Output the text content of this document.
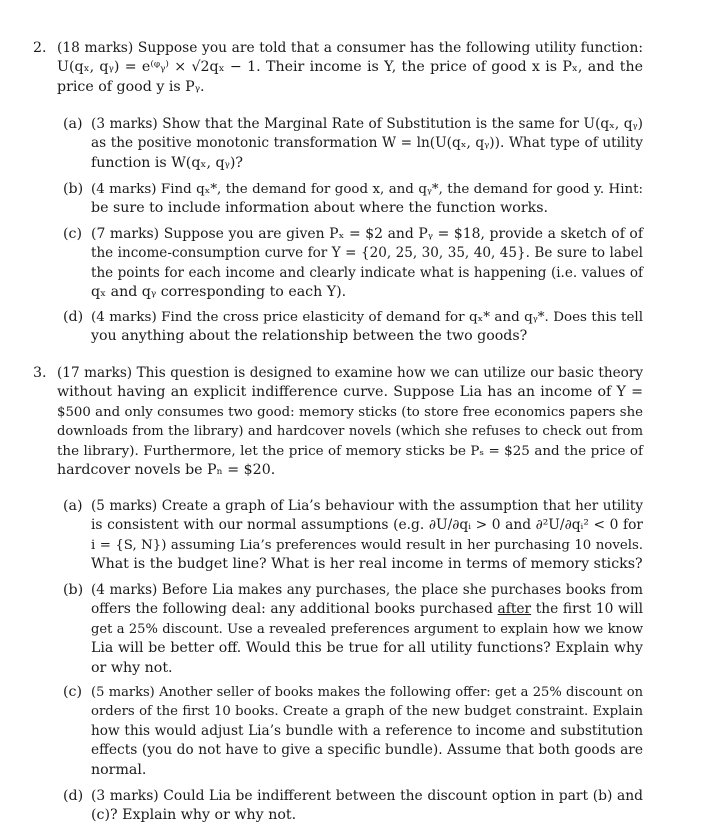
2. (18 marks) Suppose you are told that a consumer has the following utility function:
U(qₓ, qᵧ) = e⁽ᵠᵧ⁾ × √2qₓ − 1. Their income is Y, the price of good x is Pₓ, and the
price of good y is Pᵧ.
(a) (3 marks) Show that the Marginal Rate of Substitution is the same for U(qₓ, qᵧ)
as the positive monotonic transformation W = ln(U(qₓ, qᵧ)). What type of utility
function is W(qₓ, qᵧ)?
(b) (4 marks) Find qₓ*, the demand for good x, and qᵧ*, the demand for good y. Hint:
be sure to include information about where the function works.
(c) (7 marks) Suppose you are given Pₓ = $2 and Pᵧ = $18, provide a sketch of of
the income-consumption curve for Y = {20, 25, 30, 35, 40, 45}. Be sure to label
the points for each income and clearly indicate what is happening (i.e. values of
qₓ and qᵧ corresponding to each Y).
(d) (4 marks) Find the cross price elasticity of demand for qₓ* and qᵧ*. Does this tell
you anything about the relationship between the two goods?
3. (17 marks) This question is designed to examine how we can utilize our basic theory
without having an explicit indifference curve. Suppose Lia has an income of Y =
$500 and only consumes two good: memory sticks (to store free economics papers she
downloads from the library) and hardcover novels (which she refuses to check out from
the library). Furthermore, let the price of memory sticks be Pₛ = $25 and the price of
hardcover novels be Pₙ = $20.
(a) (5 marks) Create a graph of Lia’s behaviour with the assumption that her utility
is consistent with our normal assumptions (e.g. ∂U/∂qᵢ > 0 and ∂²U/∂qᵢ² < 0 for
i = {S, N}) assuming Lia’s preferences would result in her purchasing 10 novels.
What is the budget line? What is her real income in terms of memory sticks?
(b) (4 marks) Before Lia makes any purchases, the place she purchases books from
offers the following deal: any additional books purchased after the first 10 will
get a 25% discount. Use a revealed preferences argument to explain how we know
Lia will be better off. Would this be true for all utility functions? Explain why
or why not.
(c) (5 marks) Another seller of books makes the following offer: get a 25% discount on
orders of the first 10 books. Create a graph of the new budget constraint. Explain
how this would adjust Lia’s bundle with a reference to income and substitution
effects (you do not have to give a specific bundle). Assume that both goods are
normal.
(d) (3 marks) Could Lia be indifferent between the discount option in part (b) and
(c)? Explain why or why not.
